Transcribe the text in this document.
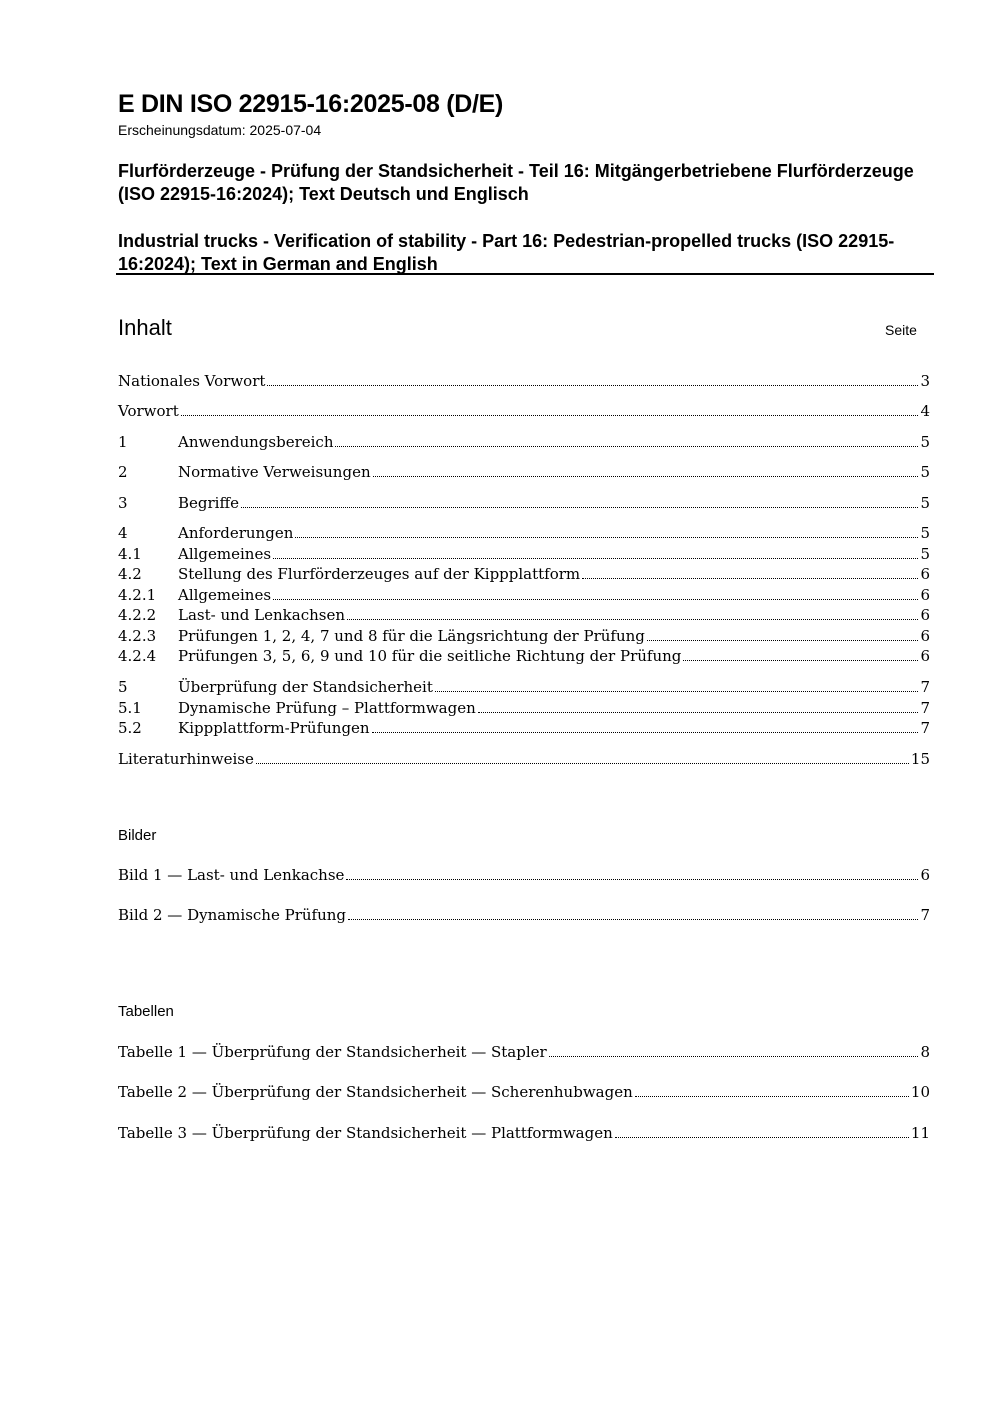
E DIN ISO 22915-16:2025-08 (D/E)
Erscheinungsdatum: 2025-07-04
Flurförderzeuge - Prüfung der Standsicherheit - Teil 16: Mitgängerbetriebene Flurförderzeuge (ISO 22915-16:2024); Text Deutsch und Englisch
Industrial trucks - Verification of stability - Part 16: Pedestrian-propelled trucks (ISO 22915-16:2024); Text in German and English
Inhalt	Seite
Nationales Vorwort	3
Vorwort	4
1	Anwendungsbereich	5
2	Normative Verweisungen	5
3	Begriffe	5
4	Anforderungen	5
4.1	Allgemeines	5
4.2	Stellung des Flurförderzeuges auf der Kippplattform	6
4.2.1	Allgemeines	6
4.2.2	Last- und Lenkachsen	6
4.2.3	Prüfungen 1, 2, 4, 7 und 8 für die Längsrichtung der Prüfung	6
4.2.4	Prüfungen 3, 5, 6, 9 und 10 für die seitliche Richtung der Prüfung	6
5	Überprüfung der Standsicherheit	7
5.1	Dynamische Prüfung – Plattformwagen	7
5.2	Kippplattform-Prüfungen	7
Literaturhinweise	15
Bilder
Bild 1 — Last- und Lenkachse	6
Bild 2 — Dynamische Prüfung	7
Tabellen
Tabelle 1 — Überprüfung der Standsicherheit — Stapler	8
Tabelle 2 — Überprüfung der Standsicherheit — Scherenhubwagen	10
Tabelle 3 — Überprüfung der Standsicherheit — Plattformwagen	11
